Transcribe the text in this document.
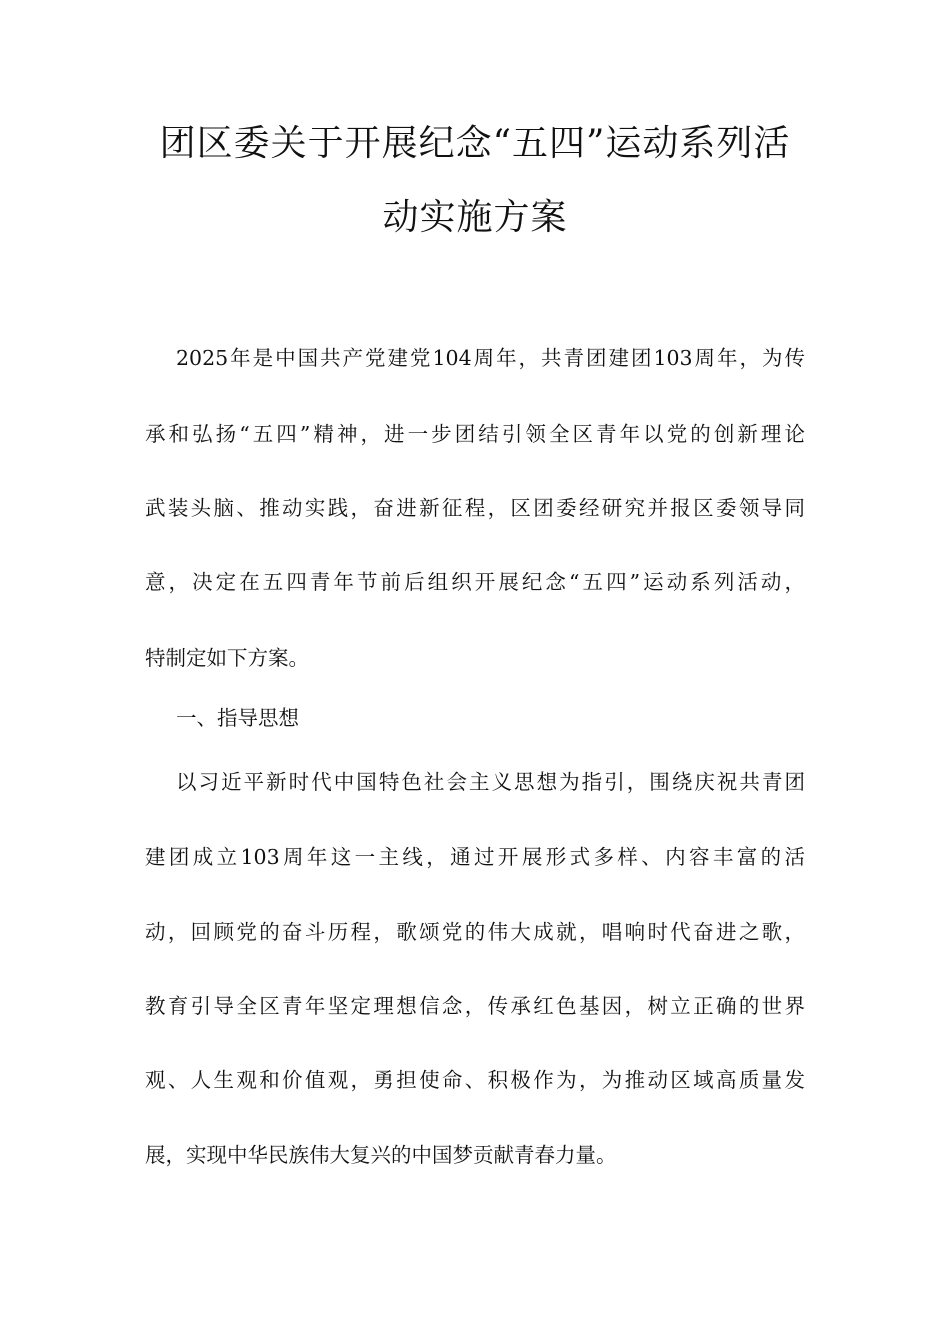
团区委关于开展纪念“五四”运动系列活
动实施方案

2025年是中国共产党建党104周年，共青团建团103周年，为传

承和弘扬“五四”精神，进一步团结引领全区青年以党的创新理论

武装头脑、推动实践，奋进新征程，区团委经研究并报区委领导同

意，决定在五四青年节前后组织开展纪念“五四”运动系列活动，

特制定如下方案。

一、指导思想

以习近平新时代中国特色社会主义思想为指引，围绕庆祝共青团

建团成立103周年这一主线，通过开展形式多样、内容丰富的活

动，回顾党的奋斗历程，歌颂党的伟大成就，唱响时代奋进之歌，

教育引导全区青年坚定理想信念，传承红色基因，树立正确的世界

观、人生观和价值观，勇担使命、积极作为，为推动区域高质量发

展，实现中华民族伟大复兴的中国梦贡献青春力量。
